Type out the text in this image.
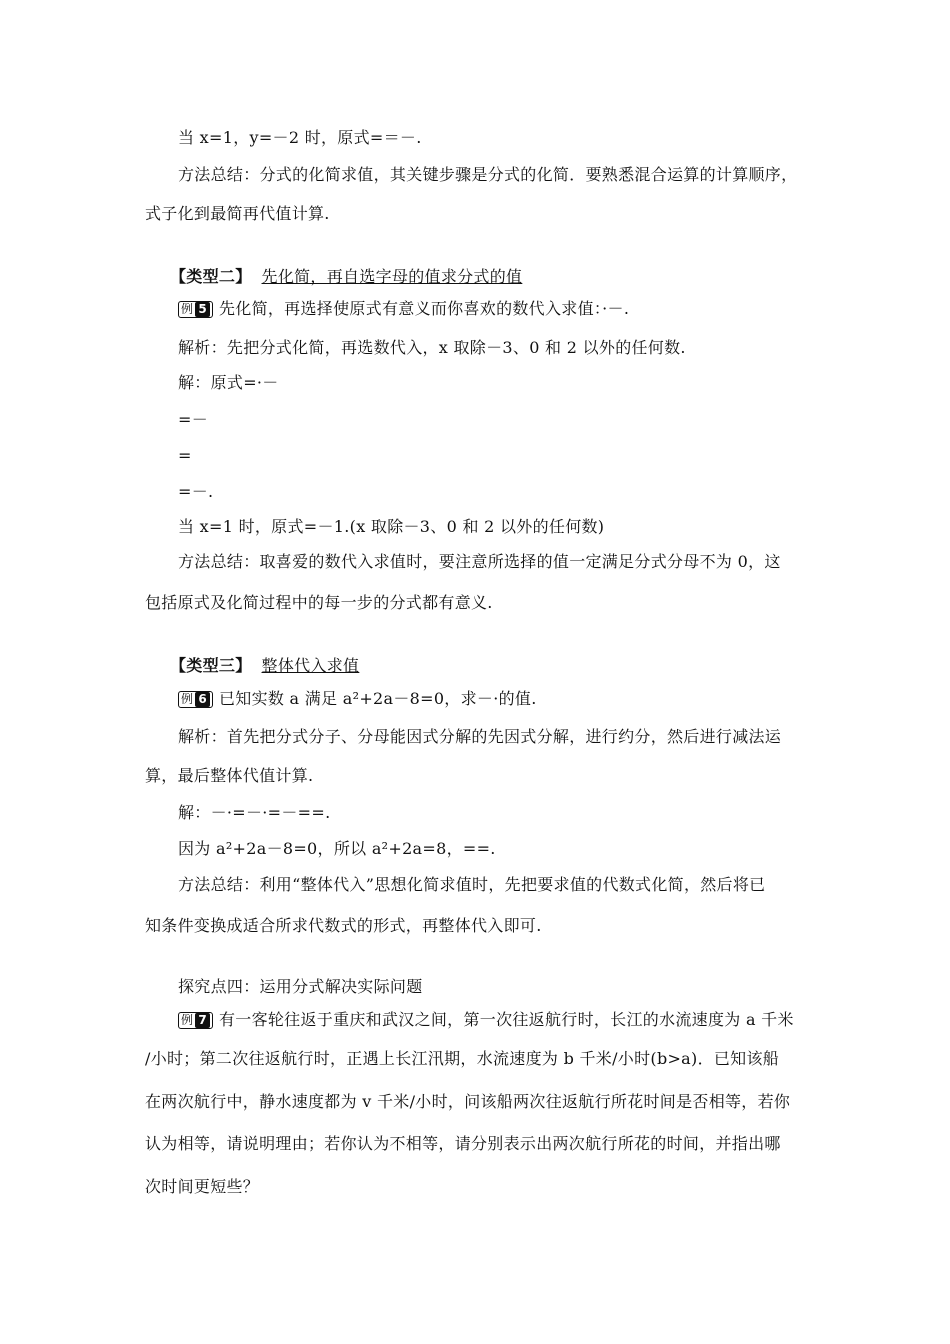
当 x=1，y=－2 时，原式=＝－.
方法总结：分式的化简求值，其关键步骤是分式的化简．要熟悉混合运算的计算顺序，
式子化到最简再代值计算.
【类型二】 先化简，再自选字母的值求分式的值
例 5 先化简，再选择使原式有意义而你喜欢的数代入求值：·－.
解析：先把分式化简，再选数代入，x 取除－3、0 和 2 以外的任何数.
解：原式=·－
=－
=
=－.
当 x=1 时，原式=－1.(x 取除－3、0 和 2 以外的任何数)
方法总结：取喜爱的数代入求值时，要注意所选择的值一定满足分式分母不为 0，这
包括原式及化简过程中的每一步的分式都有意义.
【类型三】 整体代入求值
例 6 已知实数 a 满足 a²+2a－8=0，求－·的值.
解析：首先把分式分子、分母能因式分解的先因式分解，进行约分，然后进行减法运
算，最后整体代值计算.
解：－·=－·=－==.
因为 a²+2a－8=0，所以 a²+2a=8，==.
方法总结：利用“整体代入”思想化简求值时，先把要求值的代数式化简，然后将已
知条件变换成适合所求代数式的形式，再整体代入即可.
探究点四：运用分式解决实际问题
例 7 有一客轮往返于重庆和武汉之间，第一次往返航行时，长江的水流速度为 a 千米
/小时；第二次往返航行时，正遇上长江汛期，水流速度为 b 千米/小时(b>a)．已知该船
在两次航行中，静水速度都为 v 千米/小时，问该船两次往返航行所花时间是否相等，若你
认为相等，请说明理由；若你认为不相等，请分别表示出两次航行所花的时间，并指出哪
次时间更短些？
